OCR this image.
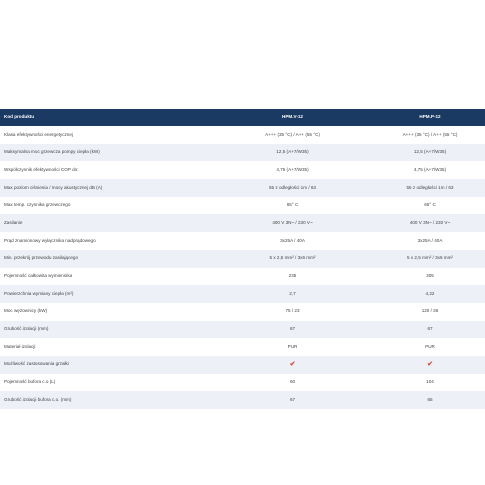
Kod produktu	HPM.V-12	HPM.P-12
Klasa efektywności energetycznej	A+++ (35 °C) / A++ (55 °C)	A+++ (35 °C) / A++ (55 °C)
Maksymalna moc grzewcza pompy ciepła (kW)	12,5 (A+7/W35)	12,5 (A+7/W35)
Współczynnik efektywności COP do:	4,75 (A+7/W35)	4,75 (A+7/W35)
Max poziom ciśnienia / mocy akustycznej dB (A)	55 z odległości 1m / 63	55 z odległości 1m / 63
Max temp. czynnika grzewczego	65° C	65° C
Zasilanie	400 V 3N~ / 230 V~	400 V 3N~ / 230 V~
Prąd znamionowy wyłącznika nadprądowego	3x25A / 40A	3x25A / 40A
Min. przekrój przewodu zasilającego	5 x 2,5 mm² / 3x6 mm²	5 x 2,5 mm² / 3x6 mm²
Pojemność całkowita wymiennika	235	305
Powierzchnia wymiany ciepła (m²)	2,7	4,22
Moc wężownicy (kW)	75 / 23	120 / 36
Grubość izolacji (mm)	67	67
Materiał izolacji	PUR	PUR
Możliwość zastosowania grzałki	✔	✔
Pojemność bufora c.o (L)	60	104
Grubość izolacji bufora c.o. (mm)	67	65
